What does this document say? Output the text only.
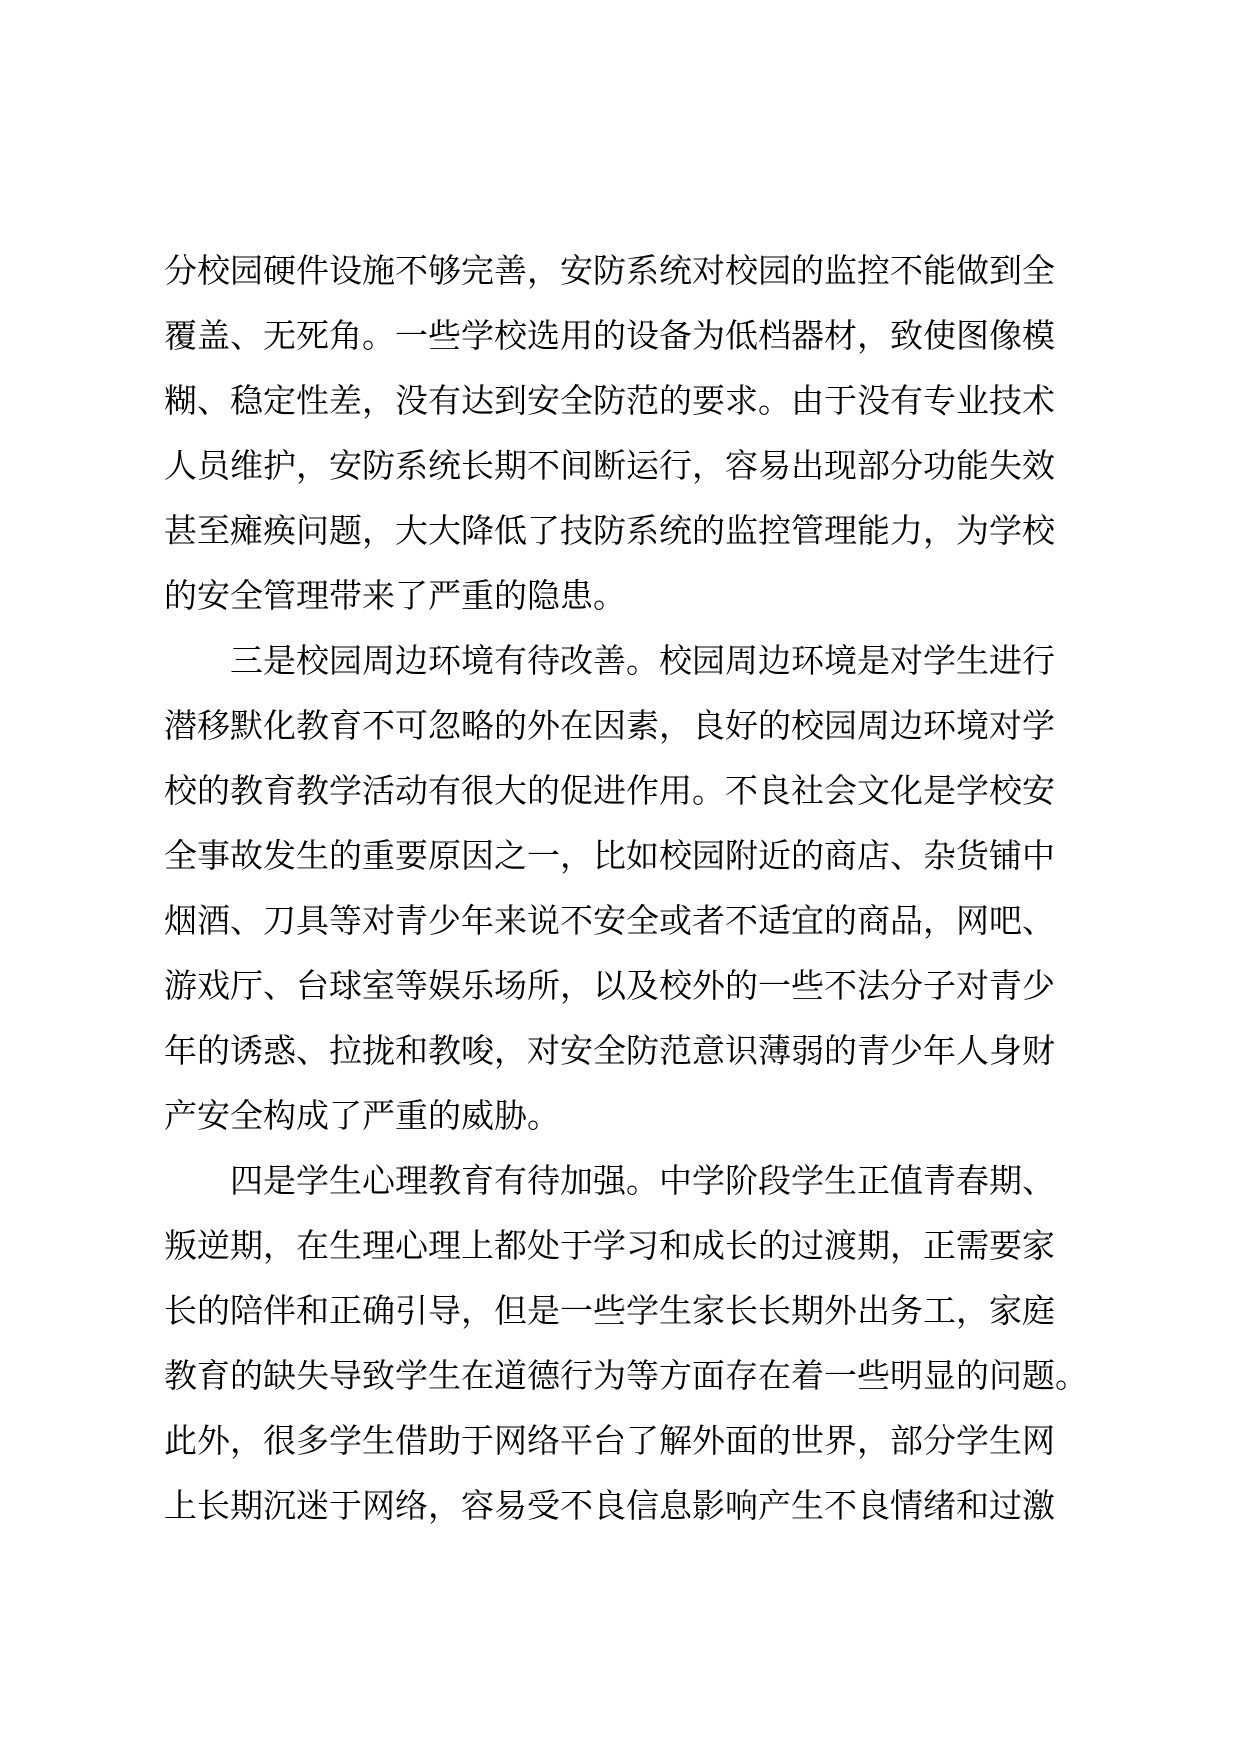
分校园硬件设施不够完善，安防系统对校园的监控不能做到全
覆盖、无死角。一些学校选用的设备为低档器材，致使图像模
糊、稳定性差，没有达到安全防范的要求。由于没有专业技术
人员维护，安防系统长期不间断运行，容易出现部分功能失效
甚至瘫痪问题，大大降低了技防系统的监控管理能力，为学校
的安全管理带来了严重的隐患。
三是校园周边环境有待改善。校园周边环境是对学生进行
潜移默化教育不可忽略的外在因素，良好的校园周边环境对学
校的教育教学活动有很大的促进作用。不良社会文化是学校安
全事故发生的重要原因之一，比如校园附近的商店、杂货铺中
烟酒、刀具等对青少年来说不安全或者不适宜的商品，网吧、
游戏厅、台球室等娱乐场所，以及校外的一些不法分子对青少
年的诱惑、拉拢和教唆，对安全防范意识薄弱的青少年人身财
产安全构成了严重的威胁。
四是学生心理教育有待加强。中学阶段学生正值青春期、
叛逆期，在生理心理上都处于学习和成长的过渡期，正需要家
长的陪伴和正确引导，但是一些学生家长长期外出务工，家庭
教育的缺失导致学生在道德行为等方面存在着一些明显的问题。
此外，很多学生借助于网络平台了解外面的世界，部分学生网
上长期沉迷于网络，容易受不良信息影响产生不良情绪和过激
